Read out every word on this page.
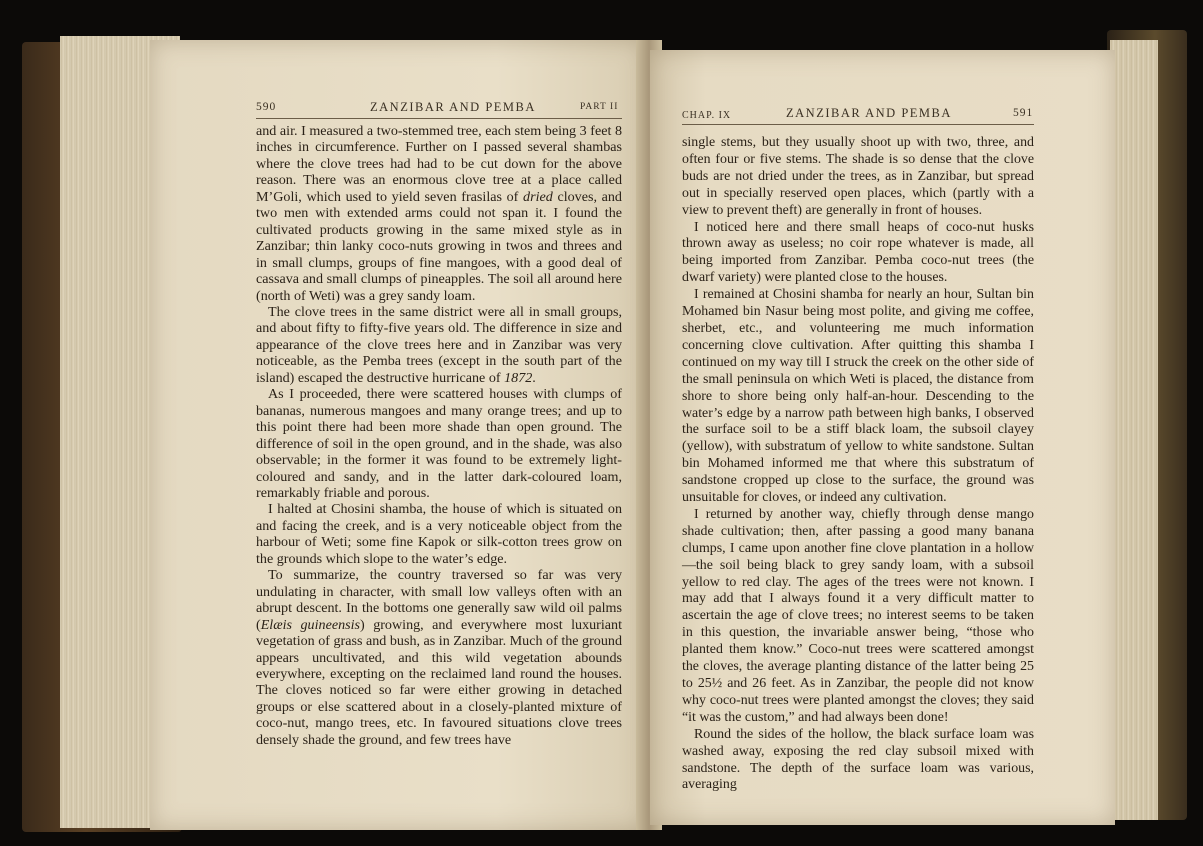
590	ZANZIBAR AND PEMBA	PART II

and air. I measured a two-stemmed tree, each stem being 3 feet 8 inches in circumference. Further on I passed several shambas where the clove trees had had to be cut down for the above reason. There was an enormous clove tree at a place called M’Goli, which used to yield seven frasilas of dried cloves, and two men with extended arms could not span it. I found the cultivated products growing in the same mixed style as in Zanzibar; thin lanky coco-nuts growing in twos and threes and in small clumps, groups of fine mangoes, with a good deal of cassava and small clumps of pineapples. The soil all around here (north of Weti) was a grey sandy loam.

The clove trees in the same district were all in small groups, and about fifty to fifty-five years old. The difference in size and appearance of the clove trees here and in Zanzibar was very noticeable, as the Pemba trees (except in the south part of the island) escaped the destructive hurricane of 1872.

As I proceeded, there were scattered houses with clumps of bananas, numerous mangoes and many orange trees; and up to this point there had been more shade than open ground. The difference of soil in the open ground, and in the shade, was also observable; in the former it was found to be extremely light-coloured and sandy, and in the latter dark-coloured loam, remarkably friable and porous.

I halted at Chosini shamba, the house of which is situated on and facing the creek, and is a very noticeable object from the harbour of Weti; some fine Kapok or silk-cotton trees grow on the grounds which slope to the water’s edge.

To summarize, the country traversed so far was very undulating in character, with small low valleys often with an abrupt descent. In the bottoms one generally saw wild oil palms (Elæis guineensis) growing, and everywhere most luxuriant vegetation of grass and bush, as in Zanzibar. Much of the ground appears uncultivated, and this wild vegetation abounds everywhere, excepting on the reclaimed land round the houses. The cloves noticed so far were either growing in detached groups or else scattered about in a closely-planted mixture of coco-nut, mango trees, etc. In favoured situations clove trees densely shade the ground, and few trees have

CHAP. IX	ZANZIBAR AND PEMBA	591

single stems, but they usually shoot up with two, three, and often four or five stems. The shade is so dense that the clove buds are not dried under the trees, as in Zanzibar, but spread out in specially reserved open places, which (partly with a view to prevent theft) are generally in front of houses.

I noticed here and there small heaps of coco-nut husks thrown away as useless; no coir rope whatever is made, all being imported from Zanzibar. Pemba coco-nut trees (the dwarf variety) were planted close to the houses.

I remained at Chosini shamba for nearly an hour, Sultan bin Mohamed bin Nasur being most polite, and giving me coffee, sherbet, etc., and volunteering me much information concerning clove cultivation. After quitting this shamba I continued on my way till I struck the creek on the other side of the small peninsula on which Weti is placed, the distance from shore to shore being only half-an-hour. Descending to the water’s edge by a narrow path between high banks, I observed the surface soil to be a stiff black loam, the subsoil clayey (yellow), with substratum of yellow to white sandstone. Sultan bin Mohamed informed me that where this substratum of sandstone cropped up close to the surface, the ground was unsuitable for cloves, or indeed any cultivation.

I returned by another way, chiefly through dense mango shade cultivation; then, after passing a good many banana clumps, I came upon another fine clove plantation in a hollow—the soil being black to grey sandy loam, with a subsoil yellow to red clay. The ages of the trees were not known. I may add that I always found it a very difficult matter to ascertain the age of clove trees; no interest seems to be taken in this question, the invariable answer being, “those who planted them know.” Coco-nut trees were scattered amongst the cloves, the average planting distance of the latter being 25 to 25½ and 26 feet. As in Zanzibar, the people did not know why coco-nut trees were planted amongst the cloves; they said “it was the custom,” and had always been done!

Round the sides of the hollow, the black surface loam was washed away, exposing the red clay subsoil mixed with sandstone. The depth of the surface loam was various, averaging
